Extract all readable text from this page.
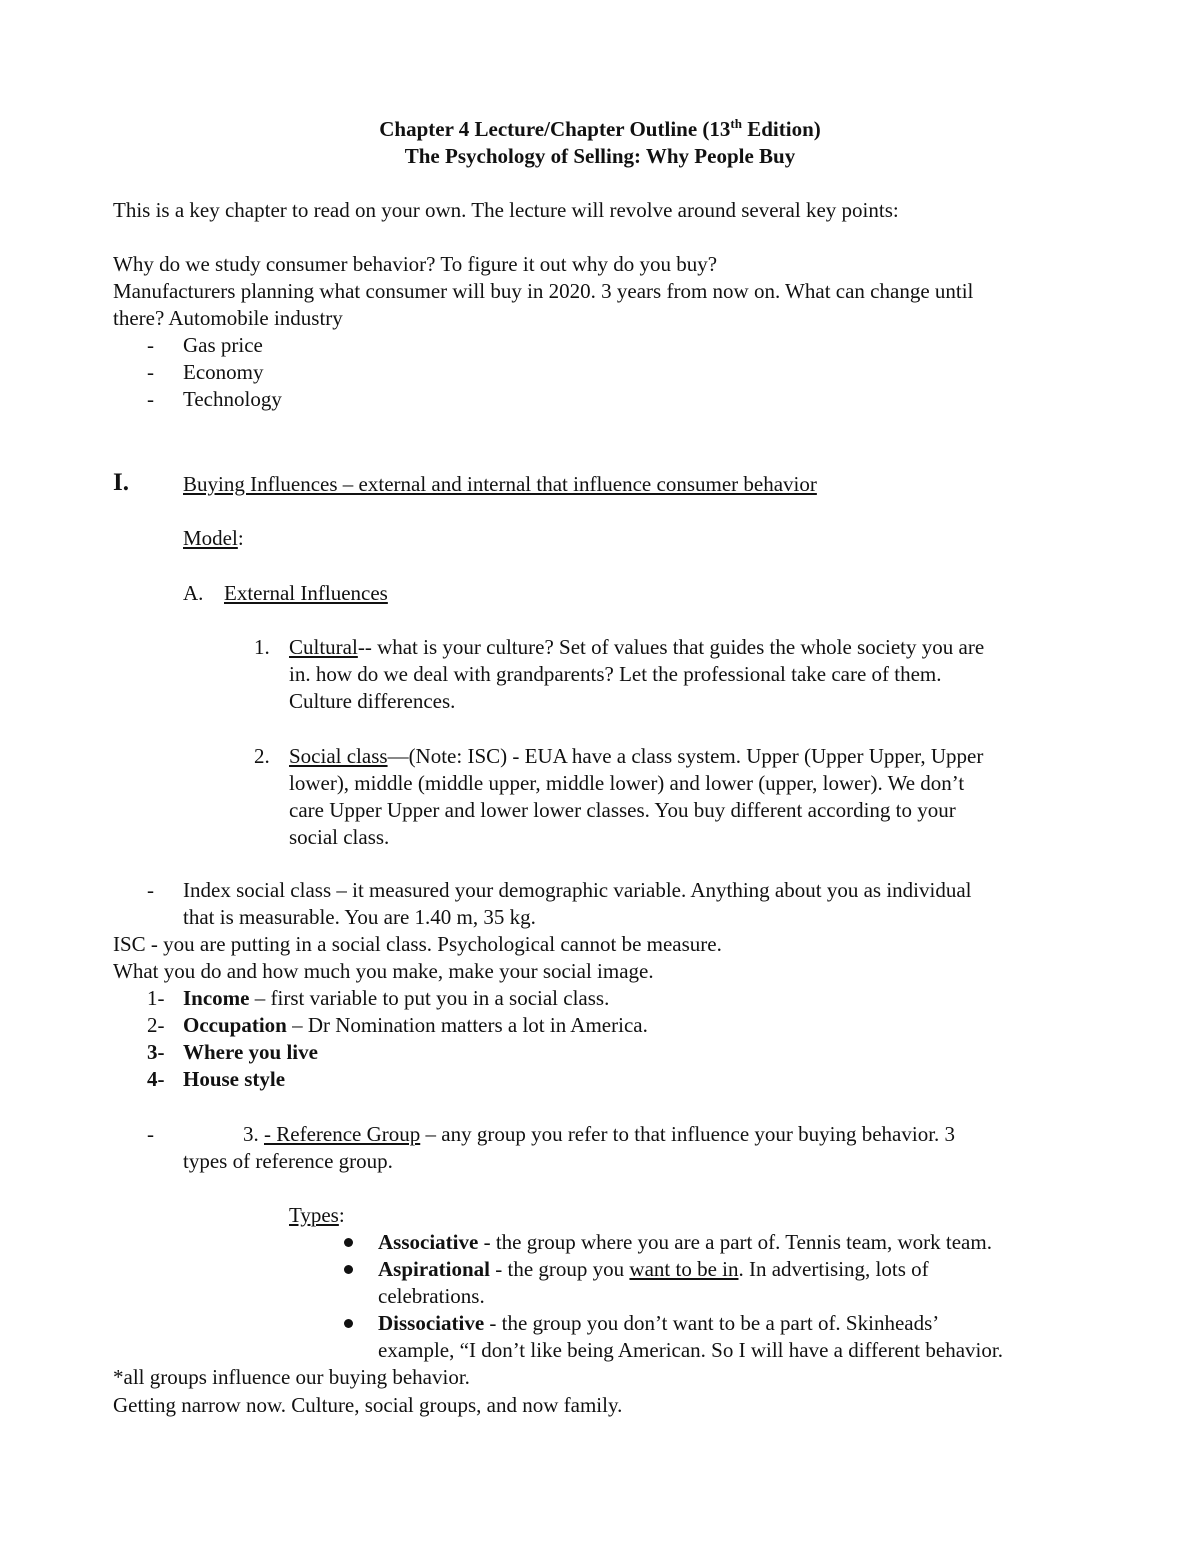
Chapter 4 Lecture/Chapter Outline (13th Edition)
The Psychology of Selling: Why People Buy
This is a key chapter to read on your own. The lecture will revolve around several key points:
Why do we study consumer behavior? To figure it out why do you buy?
Manufacturers planning what consumer will buy in 2020. 3 years from now on. What can change until
there? Automobile industry
- Gas price
- Economy
- Technology
I.	Buying Influences – external and internal that influence consumer behavior
Model:
A. External Influences
1. Cultural-- what is your culture? Set of values that guides the whole society you are
in. how do we deal with grandparents? Let the professional take care of them.
Culture differences.
2. Social class—(Note: ISC) - EUA have a class system. Upper (Upper Upper, Upper
lower), middle (middle upper, middle lower) and lower (upper, lower). We don’t
care Upper Upper and lower lower classes. You buy different according to your
social class.
- Index social class – it measured your demographic variable. Anything about you as individual
that is measurable. You are 1.40 m, 35 kg.
ISC - you are putting in a social class. Psychological cannot be measure.
What you do and how much you make, make your social image.
1- Income – first variable to put you in a social class.
2- Occupation – Dr Nomination matters a lot in America.
3- Where you live
4- House style
-	3. - Reference Group – any group you refer to that influence your buying behavior. 3
types of reference group.
Types:
Associative - the group where you are a part of. Tennis team, work team.
Aspirational - the group you want to be in. In advertising, lots of
celebrations.
Dissociative - the group you don’t want to be a part of. Skinheads’
example, “I don’t like being American. So I will have a different behavior.
*all groups influence our buying behavior.
Getting narrow now. Culture, social groups, and now family.
